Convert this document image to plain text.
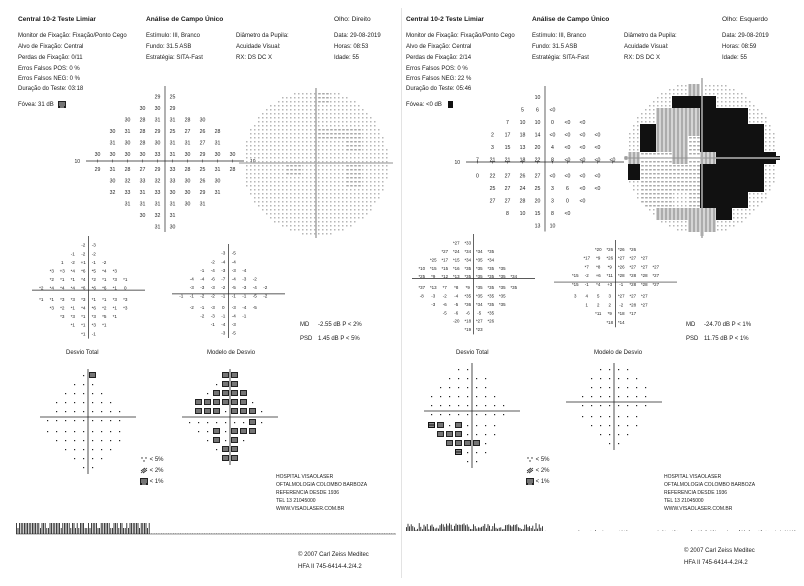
Central 10-2 Teste Limiar	Análise de Campo Único	Olho: Direito
Monitor de Fixação: Fixação/Ponto Cego
Alvo de Fixação: Central
Perdas de Fixação: 0/11
Erros Falsos POS: 0 %
Erros Falsos NEG: 0 %
Duração do Teste: 03:18
Estímulo: III, Branco
Fundo: 31.5 ASB
Estratégia: SITA-Fast
Diâmetro da Pupila:
Acuidade Visual:
RX: DS DC X
Data: 29-08-2019
Horas: 08:53
Idade: 55
Fóvea: 31 dB
29 25
30 30 29
30 28 31 31 28 30
30 31 28 29 25 27 26 28
31 30 28 30 31 31 27 31
30 30 30 30 33 31 30 29 30 30
29 31 28 27 29 33 28 25 31 28
30 32 33 32 33 30 26 30
32 33 31 33 30 30 29 31
31 31 31 31 30 31
30 32 31
31 30
10	10
-2 -3
-1 -2 -2
1 -2 +1 -1 -2
*3 +3 *4 *6 *5 *4 *3
*2 *1 *1 *4 *2 *1 *3 *1
*2 *4 *4 *4 *6 *6 *6 *1 0
*1 *1 *3 *3 *3 *1 *1 *3 *3
*3 *2 *1 *4 *6 *2 *1 *3
*3 *3 *1 *3 *5 *1
*1 *1 *3 *1
*1 -1
-3 -5
-2 -4 -4
-1 -4 -3 -3 -4
-4 -4 -6 -7 -4 -3 -2
-3 -3 -3 -2 -5 -3 -4 -2
-1 -1 -2 -2 -1 -1 -1 -5 -2
-2 -1 -3 0 -3 -4 -5
-2 -3 -1 -4 -1
-1 -4 -3
-3 -5
MD -2.55 dB P < 2%
PSD 1.45 dB P < 5%
Desvio Total	Modelo de Desvio
< 5%
< 2%
< 1%
HOSPITAL VISAOLASER
OFTALMOLOGIA COLOMBO BARBOZA
REFERENCIA DESDE 1936
TEL 13 21045000
WWW.VISAOLASER.COM.BR
© 2007 Carl Zeiss Meditec
HFA II 745-6414-4.2/4.2
Central 10-2 Teste Limiar	Análise de Campo Único	Olho: Esquerdo
Monitor de Fixação: Fixação/Ponto Cego
Alvo de Fixação: Central
Perdas de Fixação: 2/14
Erros Falsos POS: 0 %
Erros Falsos NEG: 22 %
Duração do Teste: 05:46
Estímulo: III, Branco
Fundo: 31.5 ASB
Estratégia: SITA-Fast
Diâmetro da Pupila:
Acuidade Visual:
RX: DS DC X
Data: 29-08-2019
Horas: 08:59
Idade: 55
Fóvea: <0 dB
10
5 6 <0
7 10 10 0 <0 <0
2 17 18 14 <0 <0 <0 <0
3 15 13 20 4 <0 <0 <0
7 21 21 18 22 8 <0 <0 <0 <0
0 22 27 26 27 <0 <0 <0 <0
25 27 24 25 3 6 <0 <0
27 27 28 20 3 0 <0
8 10 15 8 <0
13 10
10
*27 *33
*27 *24 *34 *34 *35
*25 *17 *15 *34 *35 *34
*10 *15 *15 *16 *35 *35 *35 *35
*25 *9 *12 *13 *35 *35 *35 *35 *34
*37 *13 *7 *8 *9 *35 *35 *35 *35
-8 -3 -2 -4 *35 *35 *35 *35
-3 -6 -5 *36 *34 *35 *35
-5 -6 -6 -5 *35
-20 *18 *27 *26
*19 *23
*20 *26 *26 *26
*17 *9 *26 *27 *27 *27
*7 *8 *9 *26 *27 *27 *27
*15 -2 +6 *11 *28 *28 *28 *27
*15 -1 *4 +3 -1 *28 *28 *27
3 4 5 3 *27 *27 *27
1 2 2 -2 *28 *27
*11 *9 *18 *17
*18 *14	MD -24.70 dB P < 1%
PSD 11.75 dB P < 1%
Desvio Total	Modelo de Desvio
< 5%
< 2%
< 1%
HOSPITAL VISAOLASER
OFTALMOLOGIA COLOMBO BARBOZA
REFERENCIA DESDE 1936
TEL 13 21045000
WWW.VISAOLASER.COM.BR
© 2007 Carl Zeiss Meditec
HFA II 745-6414-4.2/4.2
